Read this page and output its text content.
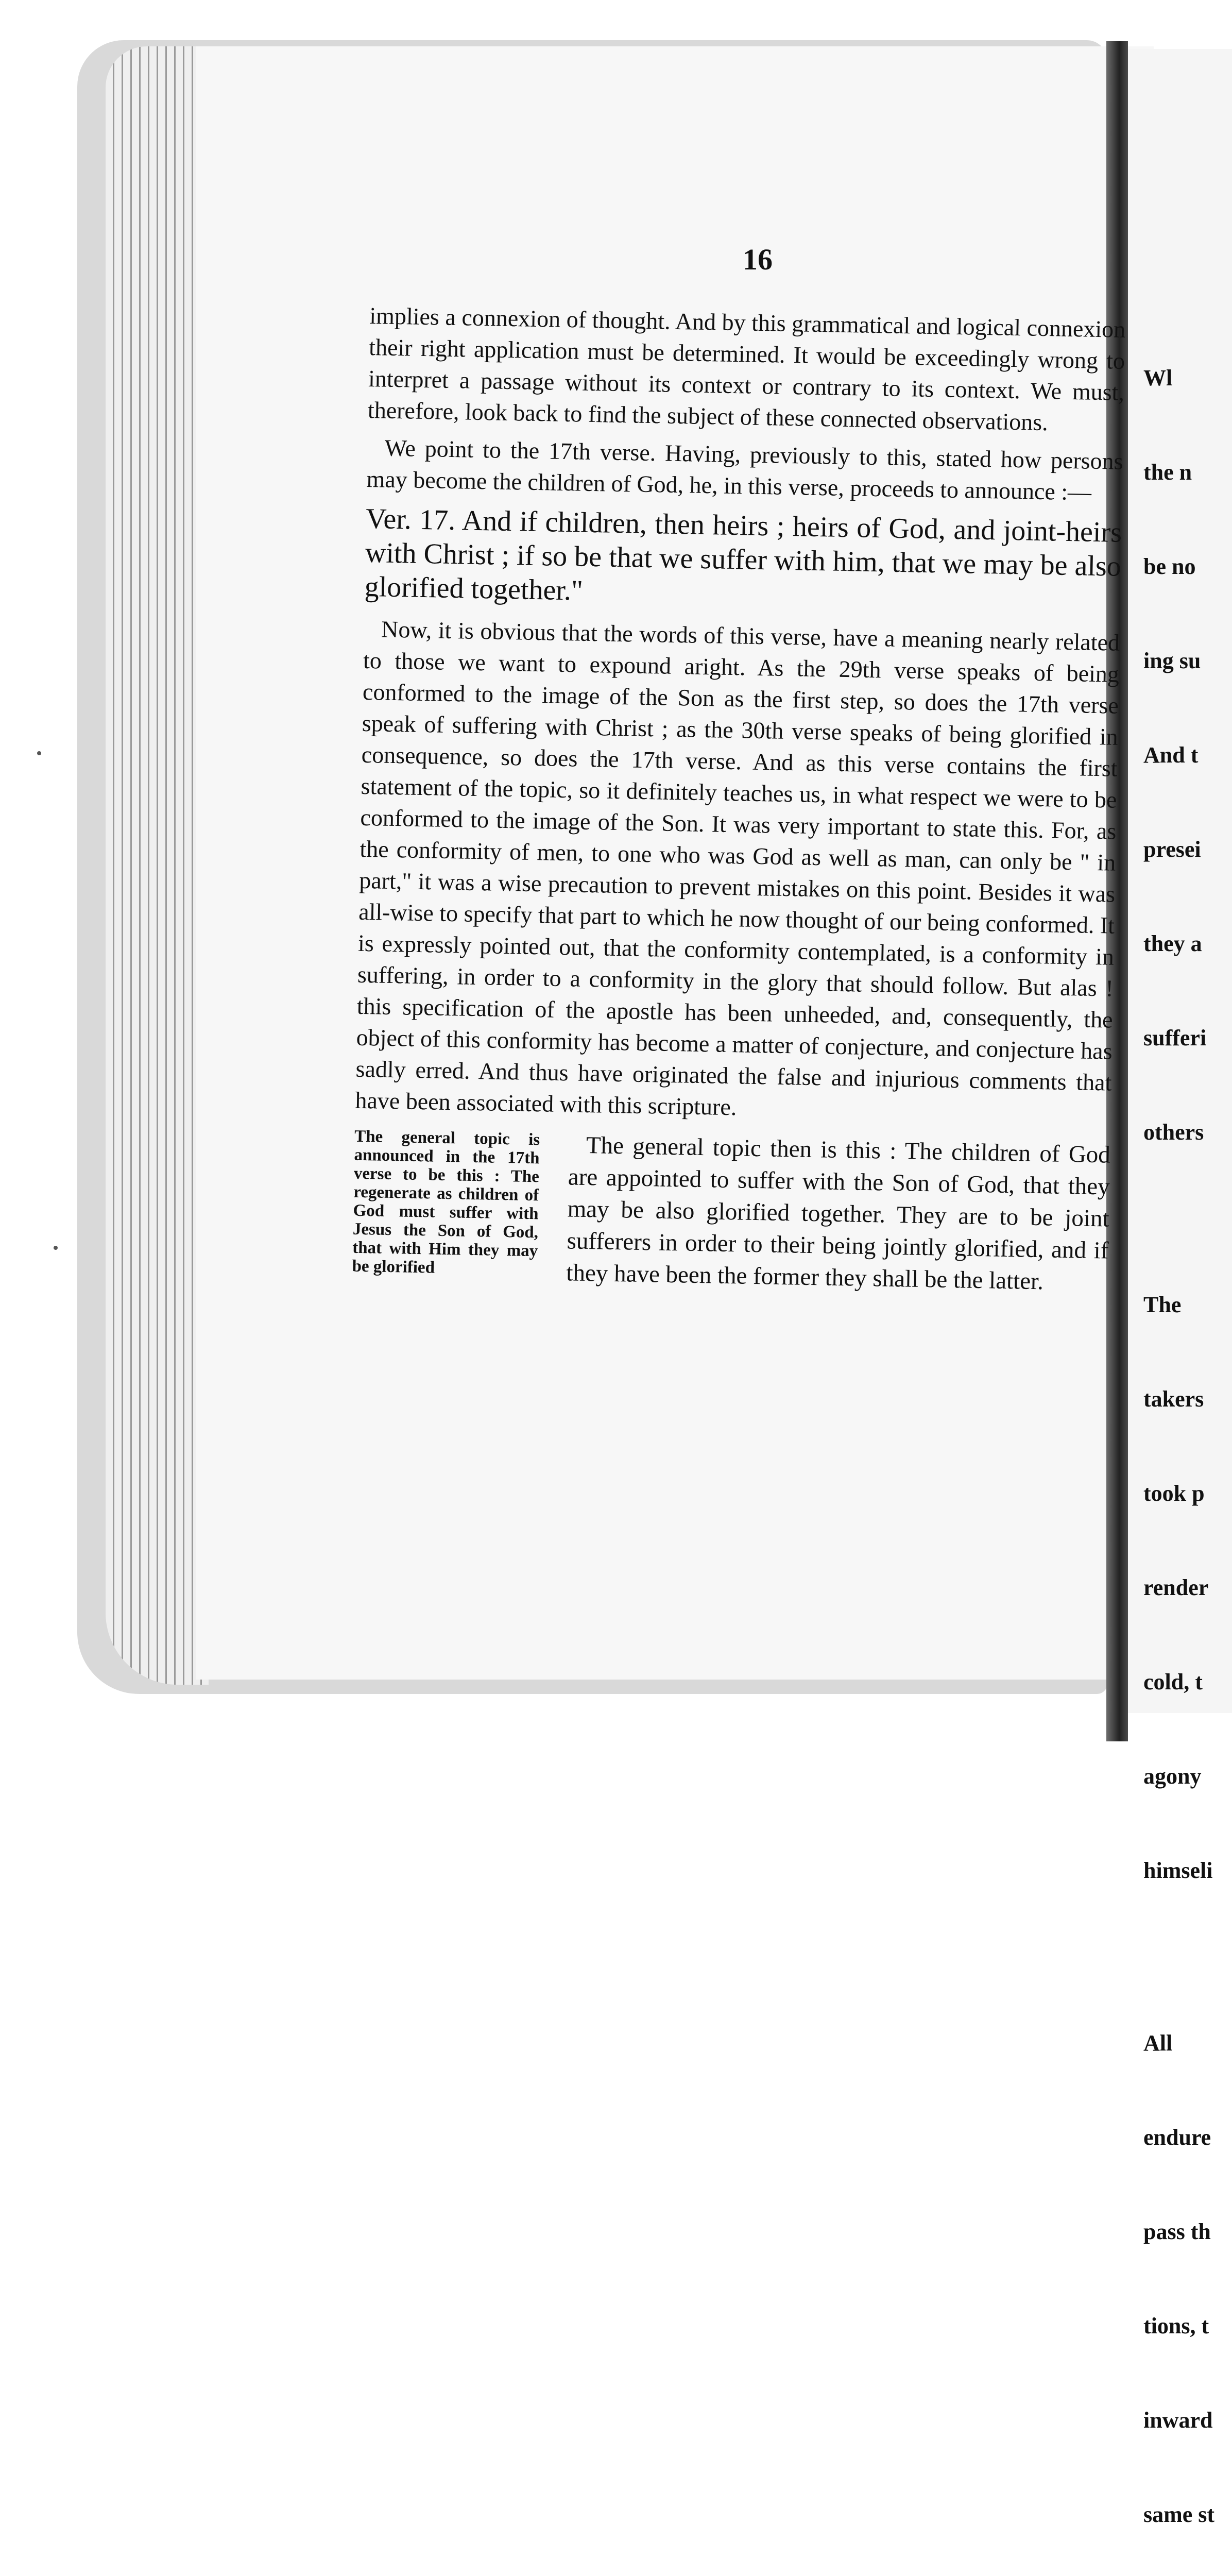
Wl

the n

be no

ing su

And t

presei

they a

sufferi

others

The

takers

took p

render

cold, t

agony

himseli

All

endure

pass th

tions, t

inward

same st

16

implies a connexion of thought. And by this grammatical and logical connexion their right application must be determined. It would be exceedingly wrong to interpret a passage without its context or contrary to its context. We must, therefore, look back to find the subject of these connected observations.

We point to the 17th verse. Having, previously to this, stated how persons may become the children of God, he, in this verse, proceeds to announce :—

Ver. 17. And if children, then heirs ; heirs of God, and joint-heirs with Christ ; if so be that we suffer with him, that we may be also glorified together."

Now, it is obvious that the words of this verse, have a meaning nearly related to those we want to expound aright. As the 29th verse speaks of being conformed to the image of the Son as the first step, so does the 17th verse speak of suffering with Christ ; as the 30th verse speaks of being glorified in consequence, so does the 17th verse. And as this verse contains the first statement of the topic, so it definitely teaches us, in what respect we were to be conformed to the image of the Son. It was very important to state this. For, as the conformity of men, to one who was God as well as man, can only be " in part," it was a wise precaution to prevent mistakes on this point. Besides it was all-wise to specify that part to which he now thought of our being conformed. It is expressly pointed out, that the conformity contemplated, is a conformity in suffering, in order to a conformity in the glory that should follow. But alas ! this specification of the apostle has been unheeded, and, consequently, the object of this conformity has become a matter of conjecture, and conjecture has sadly erred. And thus have originated the false and injurious comments that have been associated with this scripture.

The general topic is announced in the 17th verse to be this : The regenerate as children of God must suffer with Jesus the Son of God, that with Him they may be glorified

The general topic then is this : The children of God are appointed to suffer with the Son of God, that they may be also glorified together. They are to be joint sufferers in order to their being jointly glorified, and if they have been the former they shall be the latter.
